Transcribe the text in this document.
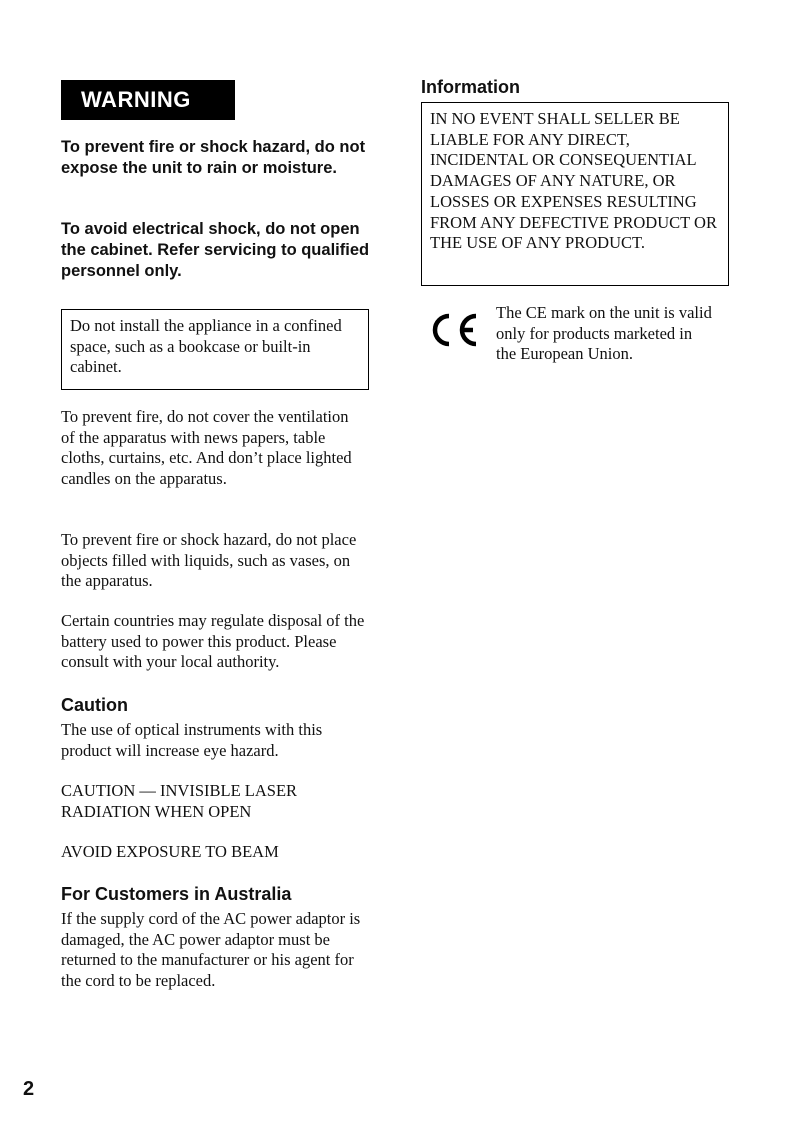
WARNING
To prevent fire or shock hazard, do not expose the unit to rain or moisture.
To avoid electrical shock, do not open the cabinet. Refer servicing to qualified personnel only.
Do not install the appliance in a confined space, such as a bookcase or built-in cabinet.
To prevent fire, do not cover the ventilation of the apparatus with news papers, table cloths, curtains, etc. And don’t place lighted candles on the apparatus.
To prevent fire or shock hazard, do not place objects filled with liquids, such as vases, on the apparatus.
Certain countries may regulate disposal of the battery used to power this product. Please consult with your local authority.
Caution
The use of optical instruments with this product will increase eye hazard.
CAUTION — INVISIBLE LASER RADIATION WHEN OPEN
AVOID EXPOSURE TO BEAM
For Customers in Australia
If the supply cord of the AC power adaptor is damaged, the AC power adaptor must be returned to the manufacturer or his agent for the cord to be replaced.
Information
IN NO EVENT SHALL SELLER BE LIABLE FOR ANY DIRECT, INCIDENTAL OR CONSEQUENTIAL DAMAGES OF ANY NATURE, OR LOSSES OR EXPENSES RESULTING FROM ANY DEFECTIVE PRODUCT OR THE USE OF ANY PRODUCT.
The CE mark on the unit is valid only for products marketed in the European Union.
2
